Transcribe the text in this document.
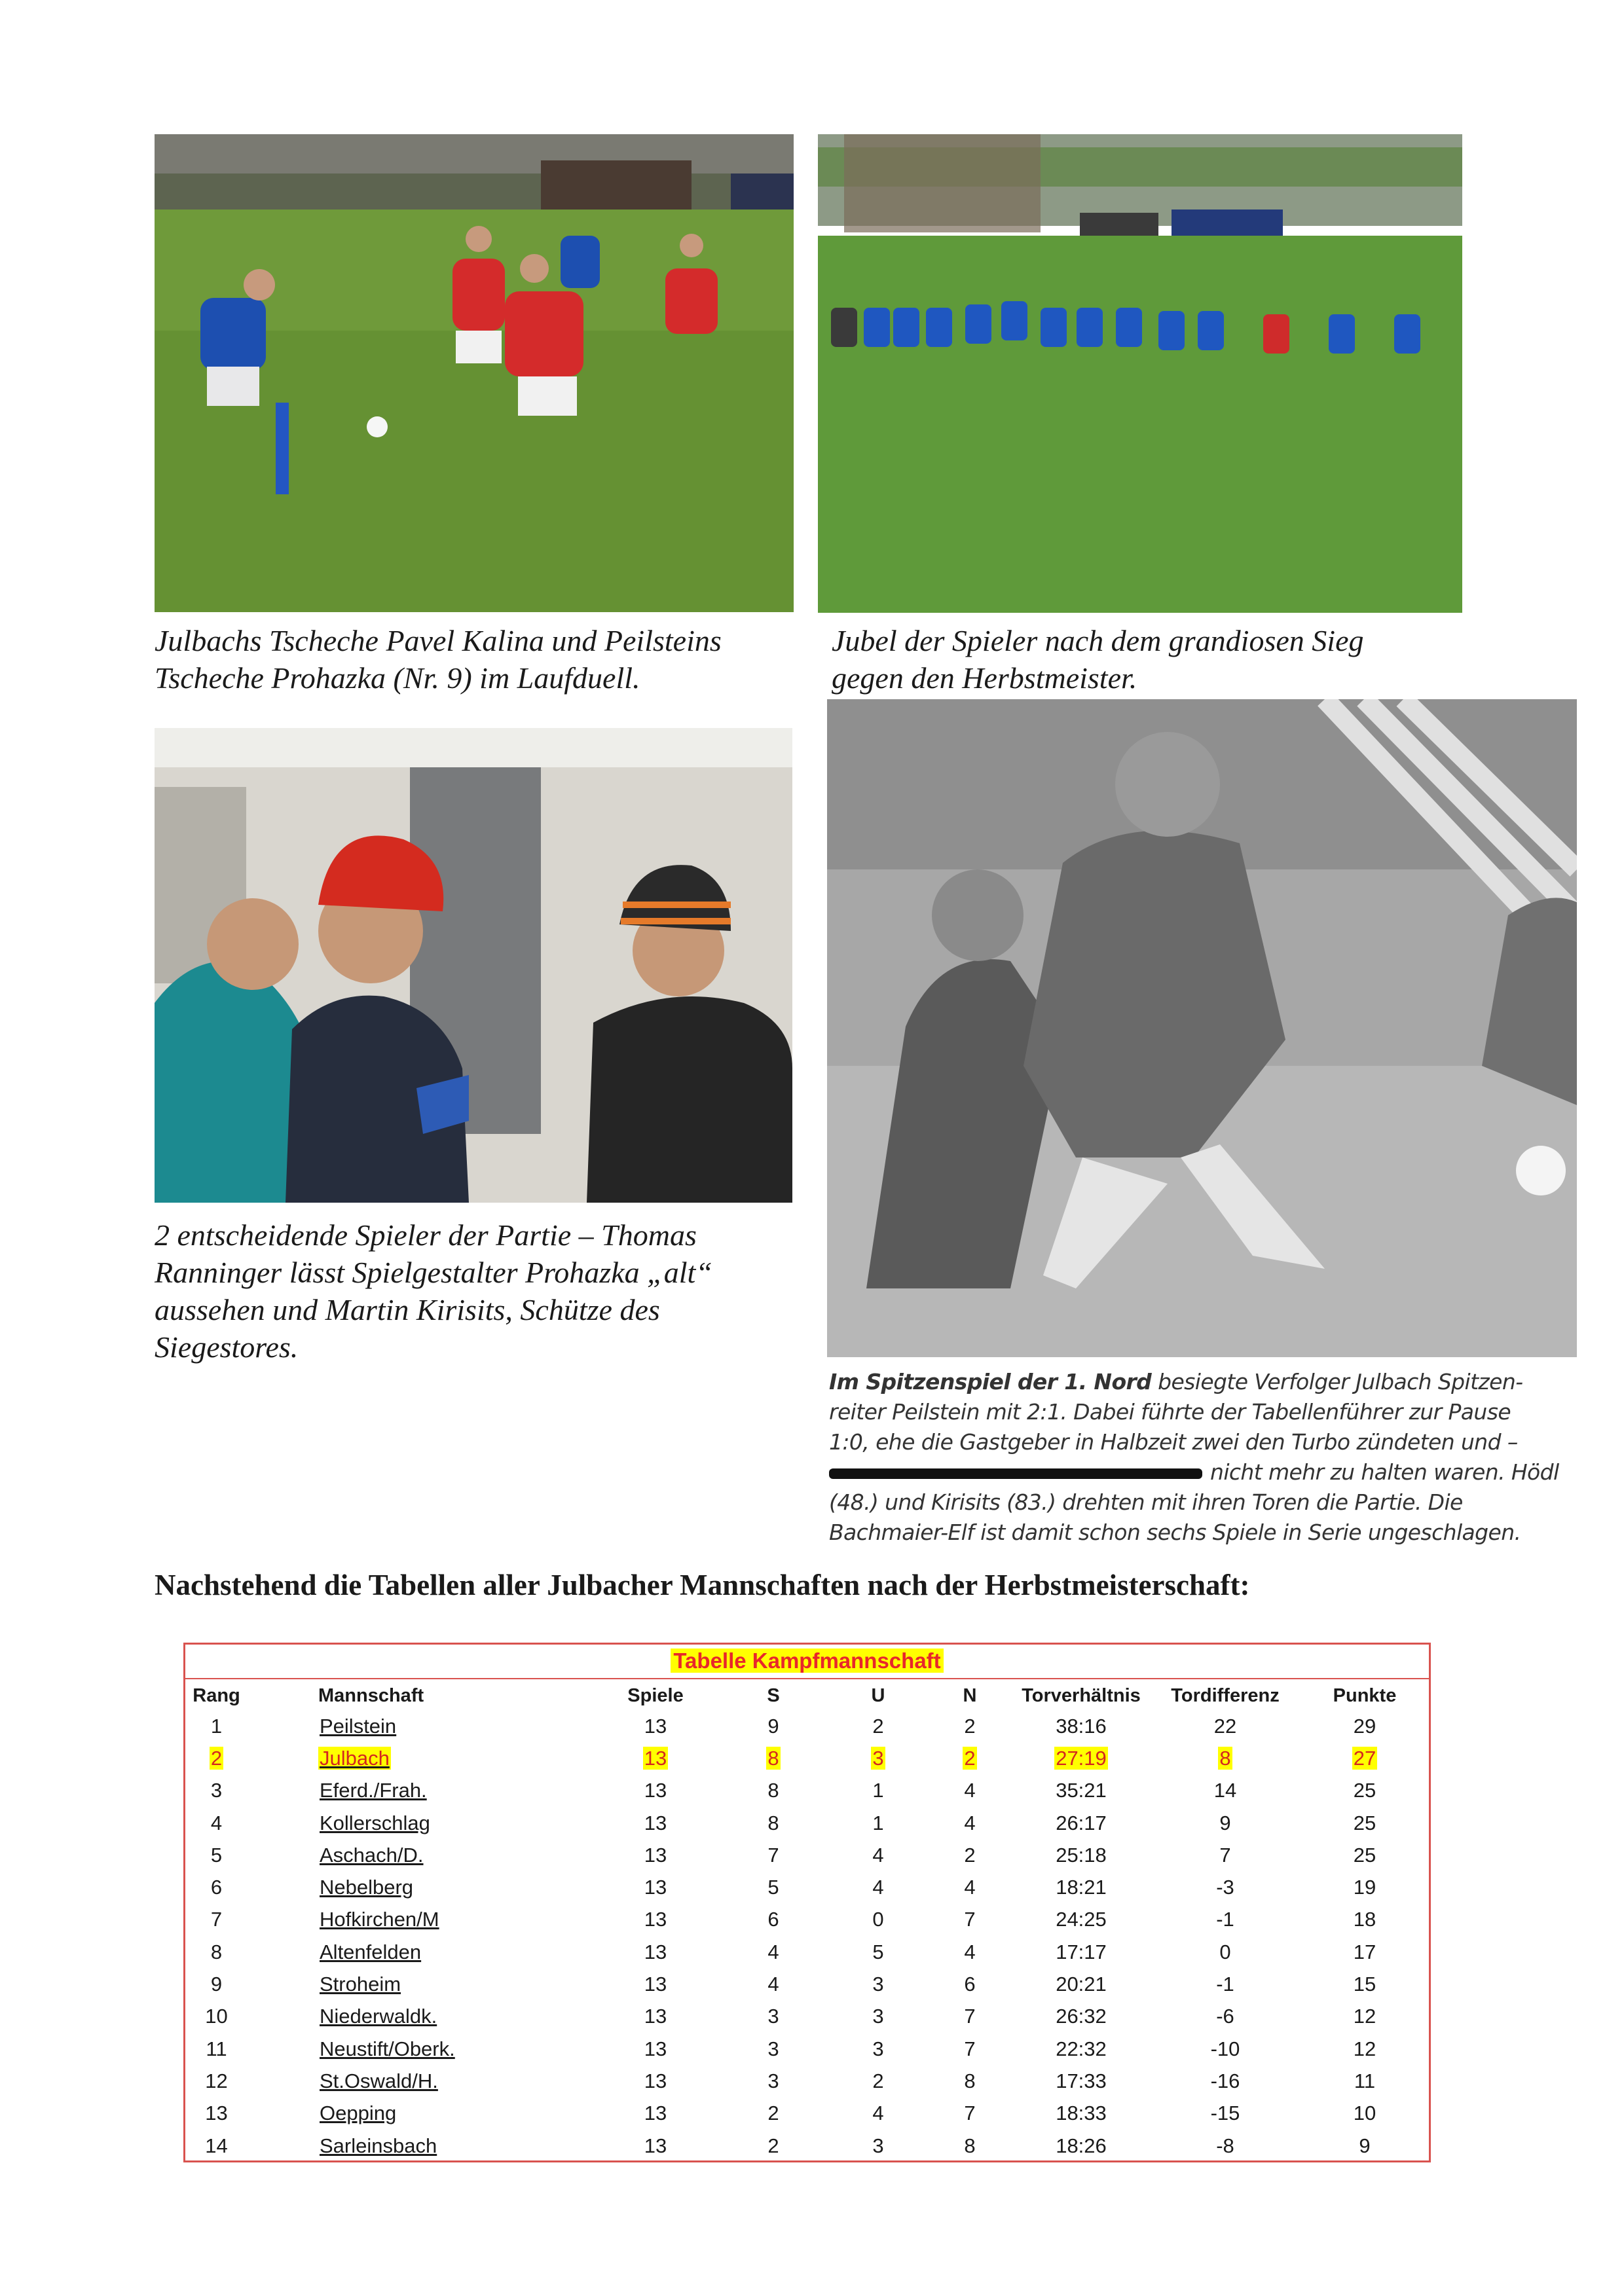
Julbachs Tscheche Pavel Kalina und Peilsteins
Tscheche Prohazka (Nr. 9) im Laufduell.

Jubel der Spieler nach dem grandiosen Sieg
gegen den Herbstmeister.

2 entscheidende Spieler der Partie – Thomas
Ranninger lässt Spielgestalter Prohazka „alt“
aussehen und Martin Kirisits, Schütze des
Siegestores.

Im Spitzenspiel der 1. Nord besiegte Verfolger Julbach Spitzen-
reiter Peilstein mit 2:1. Dabei führte der Tabellenführer zur Pause
1:0, ehe die Gastgeber in Halbzeit zwei den Turbo zündeten und –
nicht mehr zu halten waren. Hödl
(48.) und Kirisits (83.) drehten mit ihren Toren die Partie. Die
Bachmaier-Elf ist damit schon sechs Spiele in Serie ungeschlagen.

Nachstehend die Tabellen aller Julbacher Mannschaften nach der Herbstmeisterschaft:
Tabelle Kampfmannschaft
Rang	Mannschaft	Spiele	S	U	N	Torverhältnis	Tordifferenz	Punkte
1	Peilstein	13	9	2	2	38:16	22	29
2	Julbach	13	8	3	2	27:19	8	27
3	Eferd./Frah.	13	8	1	4	35:21	14	25
4	Kollerschlag	13	8	1	4	26:17	9	25
5	Aschach/D.	13	7	4	2	25:18	7	25
6	Nebelberg	13	5	4	4	18:21	-3	19
7	Hofkirchen/M	13	6	0	7	24:25	-1	18
8	Altenfelden	13	4	5	4	17:17	0	17
9	Stroheim	13	4	3	6	20:21	-1	15
10	Niederwaldk.	13	3	3	7	26:32	-6	12
11	Neustift/Oberk.	13	3	3	7	22:32	-10	12
12	St.Oswald/H.	13	3	2	8	17:33	-16	11
13	Oepping	13	2	4	7	18:33	-15	10
14	Sarleinsbach	13	2	3	8	18:26	-8	9
